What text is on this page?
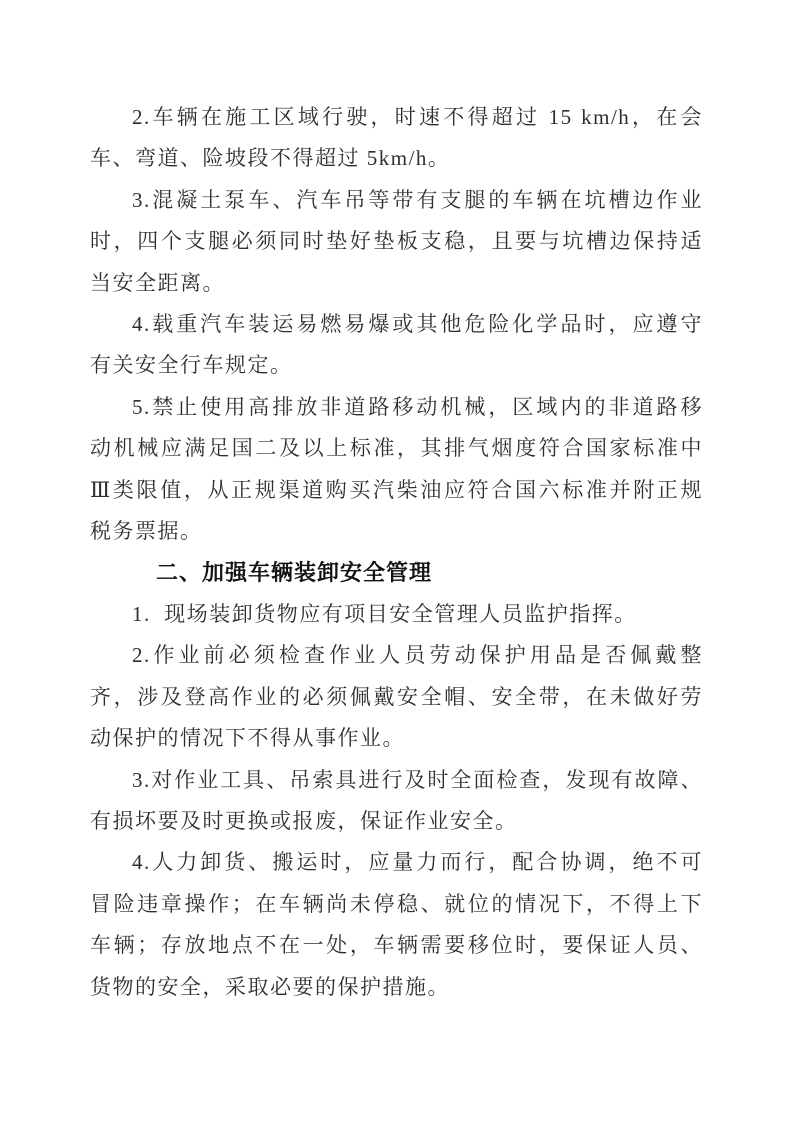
2.车辆在施工区域行驶，时速不得超过 15 km/h，在会
车、弯道、险坡段不得超过 5km/h。
3.混凝土泵车、汽车吊等带有支腿的车辆在坑槽边作业
时，四个支腿必须同时垫好垫板支稳，且要与坑槽边保持适
当安全距离。
4.载重汽车装运易燃易爆或其他危险化学品时，应遵守
有关安全行车规定。
5.禁止使用高排放非道路移动机械，区域内的非道路移
动机械应满足国二及以上标准，其排气烟度符合国家标准中
Ⅲ类限值，从正规渠道购买汽柴油应符合国六标准并附正规
税务票据。
二、加强车辆装卸安全管理
1.  现场装卸货物应有项目安全管理人员监护指挥。
2.作业前必须检查作业人员劳动保护用品是否佩戴整
齐，涉及登高作业的必须佩戴安全帽、安全带，在未做好劳
动保护的情况下不得从事作业。
3.对作业工具、吊索具进行及时全面检查，发现有故障、
有损坏要及时更换或报废，保证作业安全。
4.人力卸货、搬运时，应量力而行，配合协调，绝不可
冒险违章操作；在车辆尚未停稳、就位的情况下，不得上下
车辆；存放地点不在一处，车辆需要移位时，要保证人员、
货物的安全，采取必要的保护措施。
